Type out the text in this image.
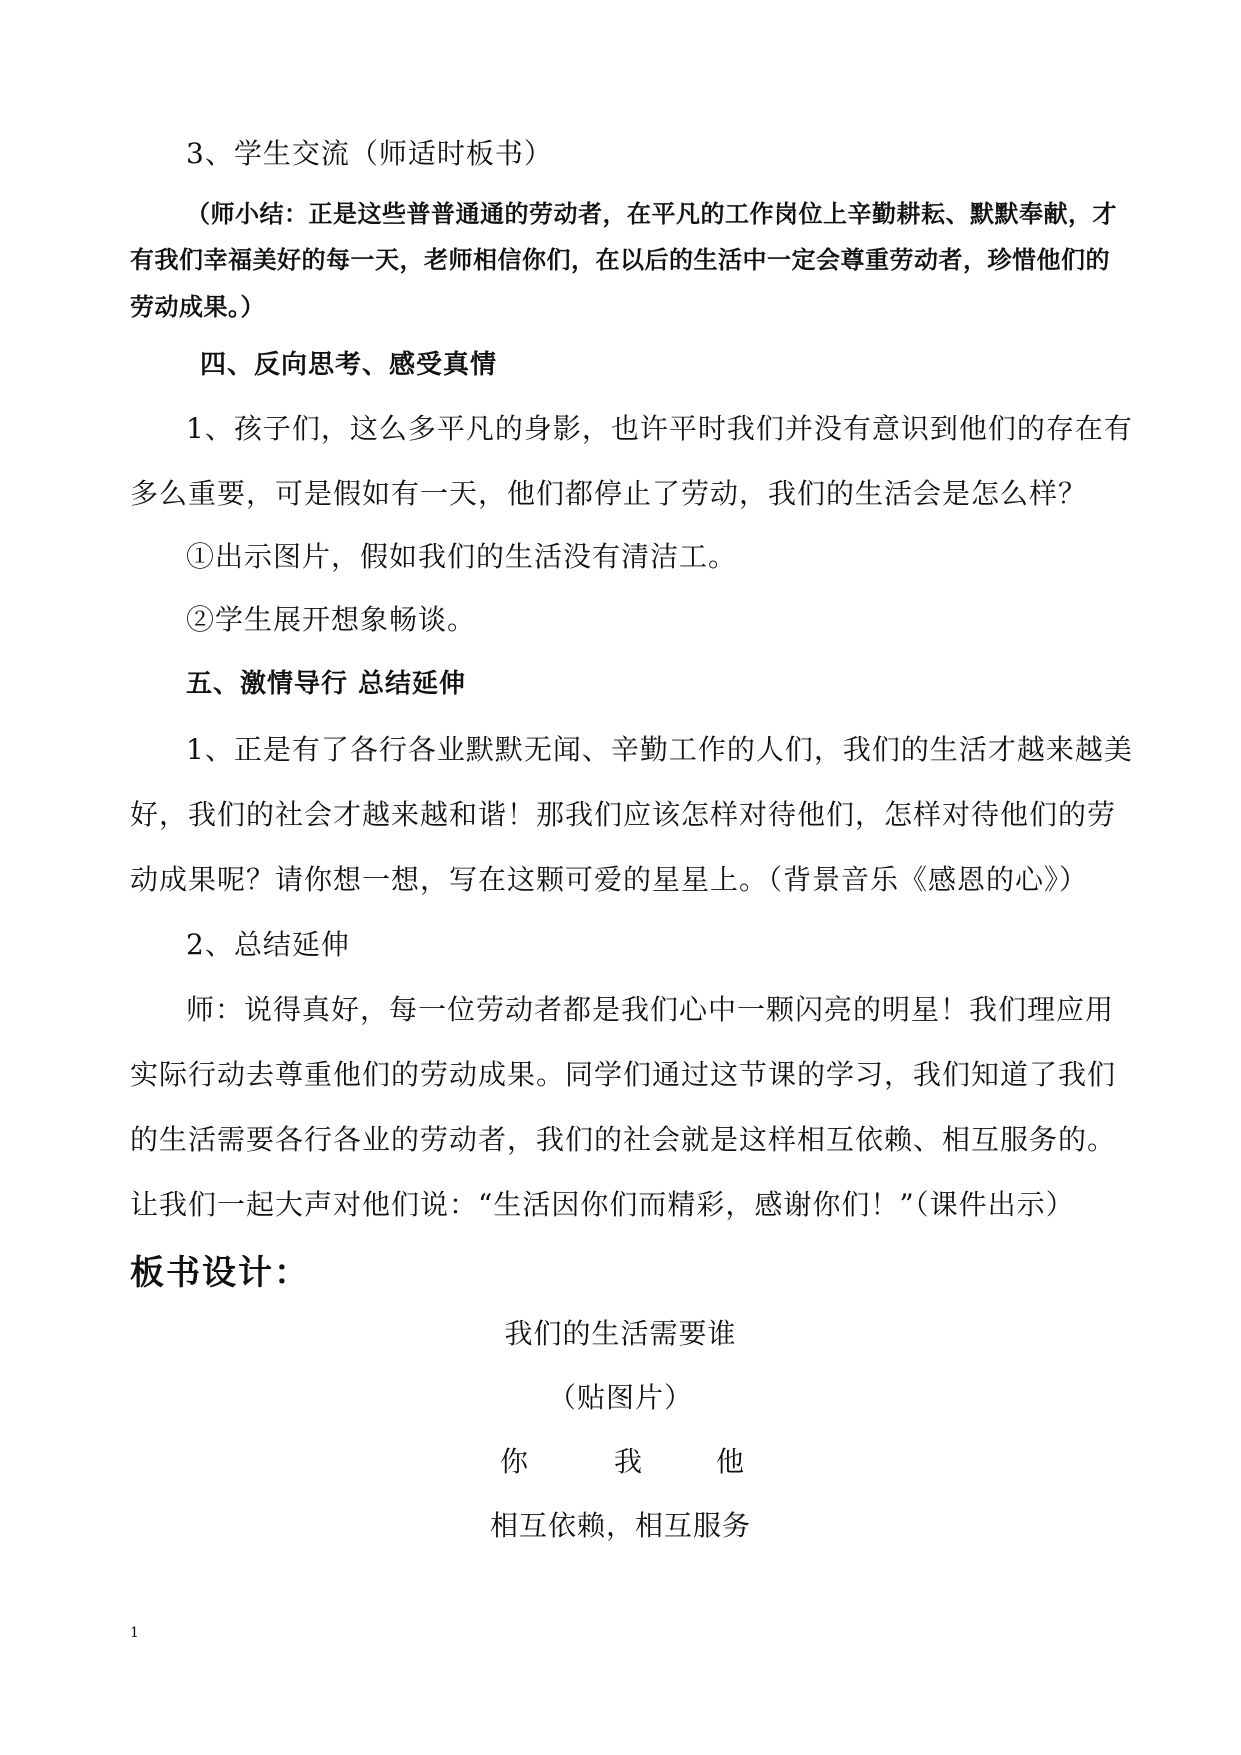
3、学生交流（师适时板书）
（师小结：正是这些普普通通的劳动者，在平凡的工作岗位上辛勤耕耘、默默奉献，才
有我们幸福美好的每一天，老师相信你们，在以后的生活中一定会尊重劳动者，珍惜他们的
劳动成果。）
四、反向思考、感受真情
1、孩子们，这么多平凡的身影，也许平时我们并没有意识到他们的存在有
多么重要，可是假如有一天，他们都停止了劳动，我们的生活会是怎么样？
①出示图片，假如我们的生活没有清洁工。
②学生展开想象畅谈。
五、激情导行 总结延伸
1、正是有了各行各业默默无闻、辛勤工作的人们，我们的生活才越来越美
好，我们的社会才越来越和谐！那我们应该怎样对待他们，怎样对待他们的劳
动成果呢？请你想一想，写在这颗可爱的星星上。（背景音乐《感恩的心》）
2、总结延伸
师：说得真好，每一位劳动者都是我们心中一颗闪亮的明星！我们理应用
实际行动去尊重他们的劳动成果。同学们通过这节课的学习，我们知道了我们
的生活需要各行各业的劳动者，我们的社会就是这样相互依赖、相互服务的。
让我们一起大声对他们说：“生活因你们而精彩，感谢你们！”（课件出示）
板书设计：
我们的生活需要谁
（贴图片）
你	我	他
相互依赖，相互服务
1
